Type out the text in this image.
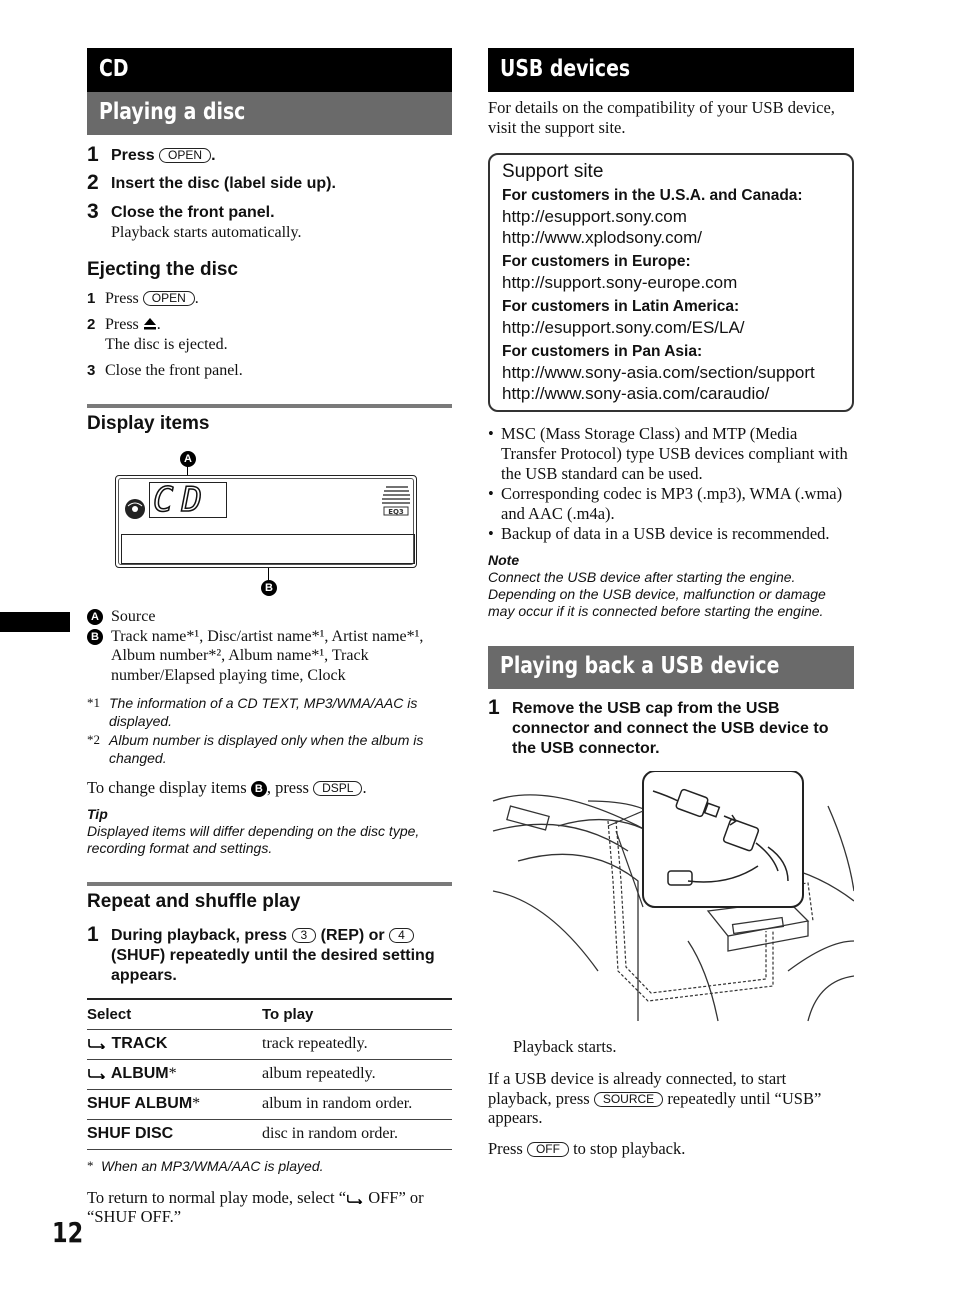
12
CD
Playing a disc
1 Press OPEN .
2 Insert the disc (label side up).
3 Close the front panel.
Playback starts automatically.
Ejecting the disc
1 Press OPEN .
2 Press .
The disc is ejected.
3 Close the front panel.
Display items
A
CD	EQ3
B
A Source
B Track name*¹, Disc/artist name*¹, Artist name*¹, Album number*², Album name*¹, Track number/Elapsed playing time, Clock
*1 The information of a CD TEXT, MP3/WMA/AAC is displayed.
*2 Album number is displayed only when the album is changed.
To change display items B , press DSPL .
Tip
Displayed items will differ depending on the disc type, recording format and settings.
Repeat and shuffle play
1 During playback, press 3 (REP) or 4 (SHUF) repeatedly until the desired setting appears.
Select	To play
TRACK	track repeatedly.
ALBUM*	album repeatedly.
SHUF ALBUM*	album in random order.
SHUF DISC	disc in random order.
* When an MP3/WMA/AAC is played.
To return to normal play mode, select “ OFF” or “SHUF OFF.”
USB devices
For details on the compatibility of your USB device, visit the support site.
Support site
For customers in the U.S.A. and Canada:
http://esupport.sony.com
http://www.xplodsony.com/
For customers in Europe:
http://support.sony-europe.com
For customers in Latin America:
http://esupport.sony.com/ES/LA/
For customers in Pan Asia:
http://www.sony-asia.com/section/support
http://www.sony-asia.com/caraudio/
• MSC (Mass Storage Class) and MTP (Media Transfer Protocol) type USB devices compliant with the USB standard can be used.
• Corresponding codec is MP3 (.mp3), WMA (.wma) and AAC (.m4a).
• Backup of data in a USB device is recommended.
Note
Connect the USB device after starting the engine. Depending on the USB device, malfunction or damage may occur if it is connected before starting the engine.
Playing back a USB device
1 Remove the USB cap from the USB connector and connect the USB device to the USB connector.
Playback starts.
If a USB device is already connected, to start playback, press SOURCE repeatedly until “USB” appears.
Press OFF to stop playback.
